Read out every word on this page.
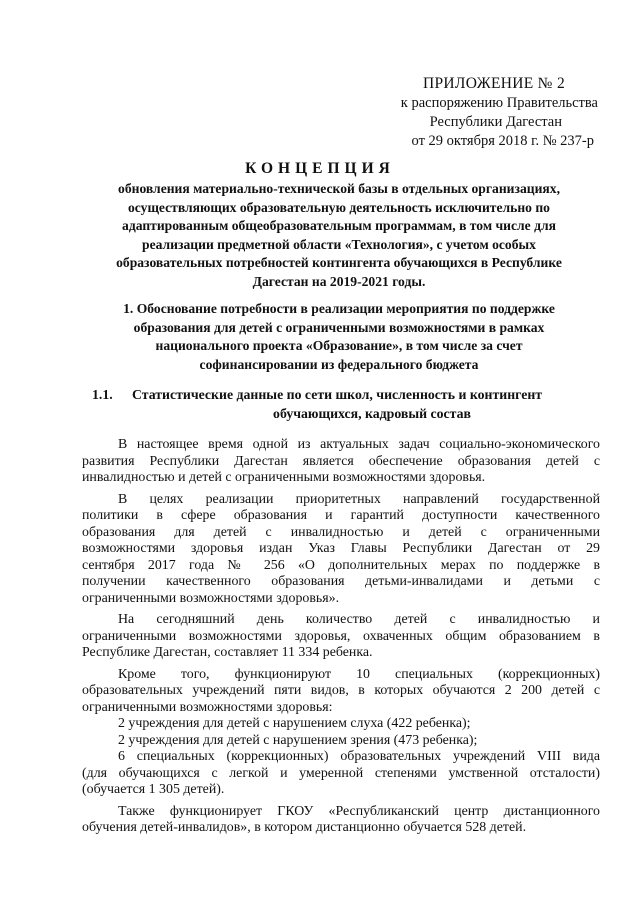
ПРИЛОЖЕНИЕ № 2
к распоряжению Правительства
Республики Дагестан
от 29 октября 2018 г. № 237-р
КОНЦЕПЦИЯ
обновления материально-технической базы в отдельных организациях,
осуществляющих образовательную деятельность исключительно по
адаптированным общеобразовательным программам, в том числе для
реализации предметной области «Технология», с учетом особых
образовательных потребностей контингента обучающихся в Республике
Дагестан на 2019-2021 годы.
1. Обоснование потребности в реализации мероприятия по поддержке
образования для детей с ограниченными возможностями в рамках
национального проекта «Образование», в том числе за счет
софинансировании из федерального бюджета
1.1.	Статистические данные по сети школ, численность и контингент
обучающихся, кадровый состав
В настоящее время одной из актуальных задач социально-экономического
развития Республики Дагестан является обеспечение образования детей с
инвалидностью и детей с ограниченными возможностями здоровья.
В целях реализации приоритетных направлений государственной
политики в сфере образования и гарантий доступности качественного
образования для детей с инвалидностью и детей с ограниченными
возможностями здоровья издан Указ Главы Республики Дагестан от 29
сентября 2017 года № 256 «О дополнительных мерах по поддержке в
получении качественного образования детьми-инвалидами и детьми с
ограниченными возможностями здоровья».
На сегодняшний день количество детей с инвалидностью и
ограниченными возможностями здоровья, охваченных общим образованием в
Республике Дагестан, составляет 11 334 ребенка.
Кроме того, функционируют 10 специальных (коррекционных)
образовательных учреждений пяти видов, в которых обучаются 2 200 детей с
ограниченными возможностями здоровья:
2 учреждения для детей с нарушением слуха (422 ребенка);
2 учреждения для детей с нарушением зрения (473 ребенка);
6 специальных (коррекционных) образовательных учреждений VIII вида
(для обучающихся с легкой и умеренной степенями умственной отсталости)
(обучается 1 305 детей).
Также функционирует ГКОУ «Республиканский центр дистанционного
обучения детей-инвалидов», в котором дистанционно обучается 528 детей.
